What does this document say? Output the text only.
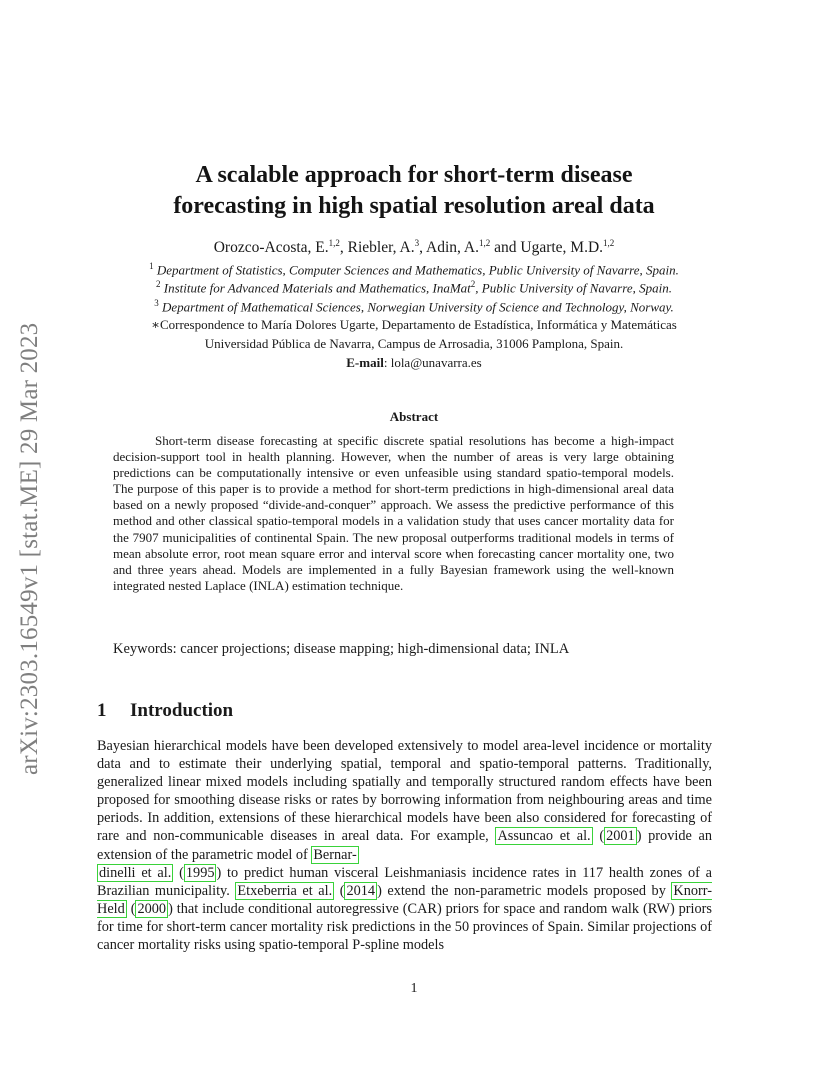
arXiv:2303.16549v1 [stat.ME] 29 Mar 2023
A scalable approach for short-term disease
forecasting in high spatial resolution areal data
Orozco-Acosta, E.$^{1,2}$, Riebler, A.$^3$, Adin, A.$^{1,2}$ and Ugarte, M.D.$^{1,2}$
$^1$ Department of Statistics, Computer Sciences and Mathematics, Public University of Navarre, Spain.
$^2$ Institute for Advanced Materials and Mathematics, InaMat$^2$, Public University of Navarre, Spain.
$^3$ Department of Mathematical Sciences, Norwegian University of Science and Technology, Norway.
∗Correspondence to María Dolores Ugarte, Departamento de Estadística, Informática y Matemáticas
Universidad Pública de Navarra, Campus de Arrosadia, 31006 Pamplona, Spain.
E-mail: lola@unavarra.es
Abstract

Short-term disease forecasting at specific discrete spatial resolutions has become a high-impact decision-support tool in health planning. However, when the number of areas is very large obtaining predictions can be computationally intensive or even unfeasible using standard spatio-temporal models. The purpose of this paper is to provide a method for short-term predictions in high-dimensional areal data based on a newly proposed “divide-and-conquer” approach. We assess the predictive performance of this method and other classical spatio-temporal models in a validation study that uses cancer mortality data for the 7907 municipalities of continental Spain. The new proposal outperforms traditional models in terms of mean absolute error, root mean square error and interval score when forecasting cancer mortality one, two and three years ahead. Models are implemented in a fully Bayesian framework using the well-known integrated nested Laplace (INLA) estimation technique.

Keywords: cancer projections; disease mapping; high-dimensional data; INLA
1 Introduction

Bayesian hierarchical models have been developed extensively to model area-level incidence or mortality data and to estimate their underlying spatial, temporal and spatio-temporal patterns. Traditionally, generalized linear mixed models including spatially and temporally structured random effects have been proposed for smoothing disease risks or rates by borrowing information from neighbouring areas and time periods. In addition, extensions of these hierarchical models have been also considered for forecasting of rare and non-communicable diseases in areal data. For example, Assuncao et al. ( 2001 ) provide an extension of the parametric model of Bernar-
dinelli et al. ( 1995 ) to predict human visceral Leishmaniasis incidence rates in 117 health zones of a Brazilian municipality. Etxeberria et al. ( 2014 ) extend the non-parametric models proposed by Knorr-Held ( 2000 ) that include conditional autoregressive (CAR) priors for space and random walk (RW) priors for time for short-term cancer mortality risk predictions in the 50 provinces of Spain. Similar projections of cancer mortality risks using spatio-temporal P-spline models

1
